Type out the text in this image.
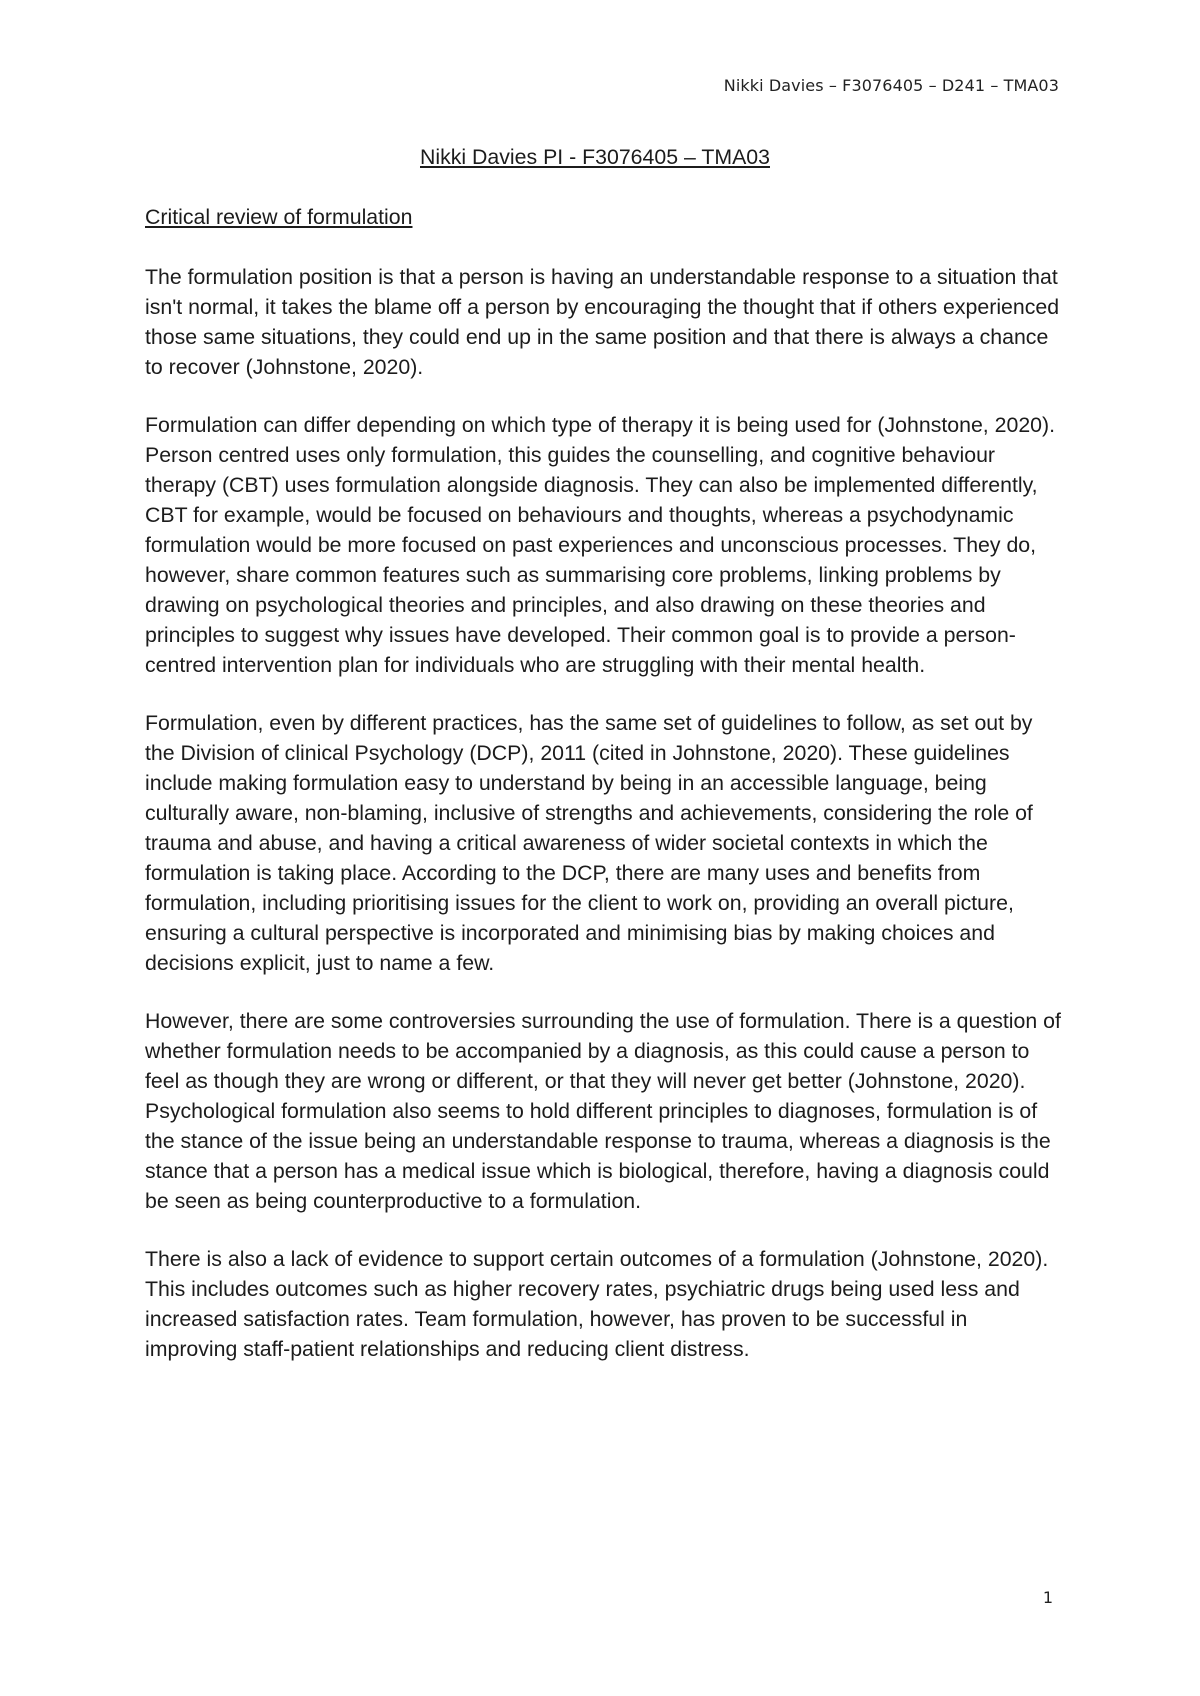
Nikki Davies – F3076405 – D241 – TMA03

Nikki Davies PI - F3076405 – TMA03

Critical review of formulation

The formulation position is that a person is having an understandable response to a situation that isn't normal, it takes the blame off a person by encouraging the thought that if others experienced those same situations, they could end up in the same position and that there is always a chance to recover (Johnstone, 2020).

Formulation can differ depending on which type of therapy it is being used for (Johnstone, 2020). Person centred uses only formulation, this guides the counselling, and cognitive behaviour therapy (CBT) uses formulation alongside diagnosis. They can also be implemented differently, CBT for example, would be focused on behaviours and thoughts, whereas a psychodynamic formulation would be more focused on past experiences and unconscious processes. They do, however, share common features such as summarising core problems, linking problems by drawing on psychological theories and principles, and also drawing on these theories and principles to suggest why issues have developed. Their common goal is to provide a person-centred intervention plan for individuals who are struggling with their mental health.

Formulation, even by different practices, has the same set of guidelines to follow, as set out by the Division of clinical Psychology (DCP), 2011 (cited in Johnstone, 2020). These guidelines include making formulation easy to understand by being in an accessible language, being culturally aware, non-blaming, inclusive of strengths and achievements, considering the role of trauma and abuse, and having a critical awareness of wider societal contexts in which the formulation is taking place. According to the DCP, there are many uses and benefits from formulation, including prioritising issues for the client to work on, providing an overall picture, ensuring a cultural perspective is incorporated and minimising bias by making choices and decisions explicit, just to name a few.

However, there are some controversies surrounding the use of formulation. There is a question of whether formulation needs to be accompanied by a diagnosis, as this could cause a person to feel as though they are wrong or different, or that they will never get better (Johnstone, 2020). Psychological formulation also seems to hold different principles to diagnoses, formulation is of the stance of the issue being an understandable response to trauma, whereas a diagnosis is the stance that a person has a medical issue which is biological, therefore, having a diagnosis could be seen as being counterproductive to a formulation.

There is also a lack of evidence to support certain outcomes of a formulation (Johnstone, 2020). This includes outcomes such as higher recovery rates, psychiatric drugs being used less and increased satisfaction rates. Team formulation, however, has proven to be successful in improving staff-patient relationships and reducing client distress.

1
